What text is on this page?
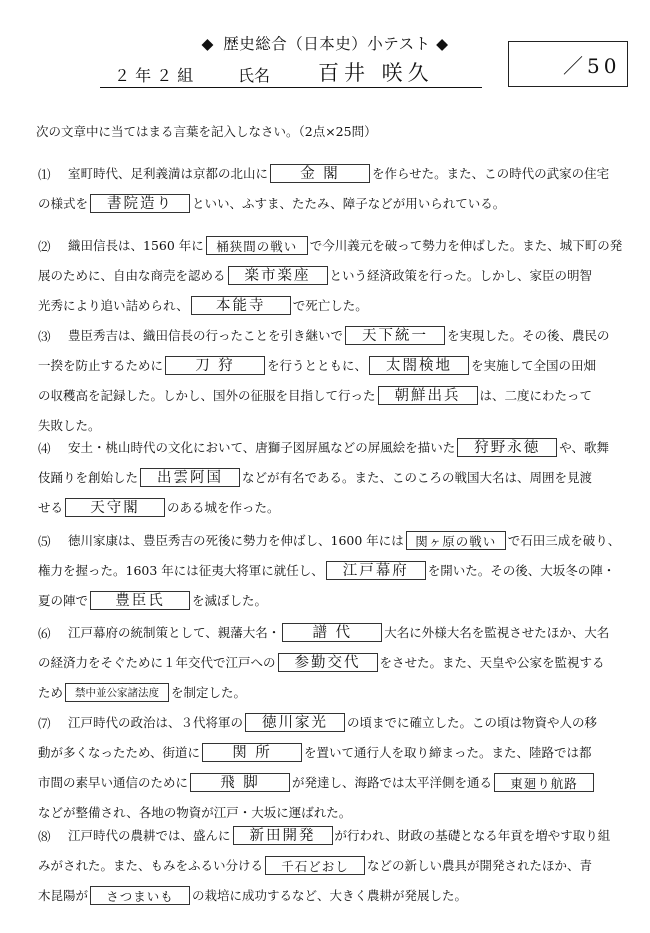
◆ 歴史総合（日本史）小テスト ◆
２ 年 ２ 組	氏名 百井 咲久	／50
次の文章中に当てはまる言葉を記入しなさい。（2点×25問）
⑴ 室町時代、足利義満は京都の北山に	金 閣	を作らせた。また、この時代の武家の住宅
の様式を	書院造り	といい、ふすま、たたみ、障子などが用いられている。
⑵ 織田信長は、1560 年に 桶狭間の戦い	で今川義元を破って勢力を伸ばした。また、城下町の発
展のために、自由な商売を認める	楽市楽座	という経済政策を行った。しかし、家臣の明智
光秀により追い詰められ、	本能寺	で死亡した。
⑶ 豊臣秀吉は、織田信長の行ったことを引き継いで	天下統一	を実現した。その後、農民の
一揆を防止するために	刀 狩	を行うとともに、	太閤検地	を実施して全国の田畑
の収穫高を記録した。しかし、国外の征服を目指して行った	朝鮮出兵	は、二度にわたって
失敗した。
⑷ 安土・桃山時代の文化において、唐獅子図屏風などの屏風絵を描いた	狩野永徳	や、歌舞
伎踊りを創始した	出雲阿国	などが有名である。また、このころの戦国大名は、周囲を見渡
せる	天守閣	のある城を作った。
⑸ 徳川家康は、豊臣秀吉の死後に勢力を伸ばし、1600 年には 関ヶ原の戦い で石田三成を破り、
権力を握った。1603 年には征夷大将軍に就任し、	江戸幕府	を開いた。その後、大坂冬の陣・
夏の陣で	豊臣氏	を滅ぼした。
⑹ 江戸幕府の統制策として、親藩大名・	譜 代	大名に外様大名を監視させたほか、大名
の経済力をそぐために１年交代で江戸への	参勤交代	をさせた。また、天皇や公家を監視する
ため	禁中並公家諸法度 を制定した。
⑺ 江戸時代の政治は、３代将軍の	徳川家光	の頃までに確立した。この頃は物資や人の移
動が多くなったため、街道に	関 所	を置いて通行人を取り締まった。また、陸路では都
市間の素早い通信のために	飛 脚	が発達し、海路では太平洋側を通る	東廻り航路
などが整備され、各地の物資が江戸・大坂に運ばれた。
⑻ 江戸時代の農耕では、盛んに	新田開発	が行われ、財政の基礎となる年貢を増やす取り組
みがされた。また、もみをふるい分ける	千石どおし	などの新しい農具が開発されたほか、青
木昆陽が	さつまいも	の栽培に成功するなど、大きく農耕が発展した。
